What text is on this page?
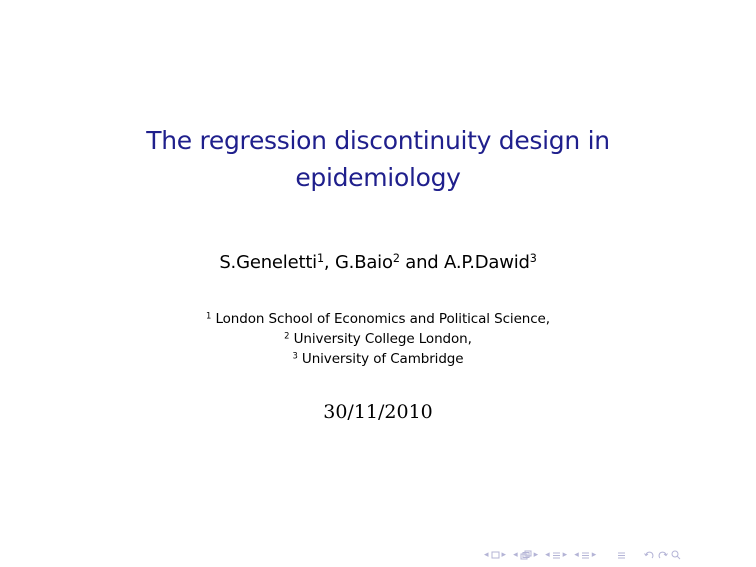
The regression discontinuity design in
epidemiology
S.Geneletti$^1$, G.Baio$^2$ and A.P.Dawid$^3$
$^1$ London School of Economics and Political Science,
$^2$ University College London,
$^3$ University of Cambridge
30/11/2010
◂ ▸ ◂ ▸ ◂ ▸ ◂ ▸
